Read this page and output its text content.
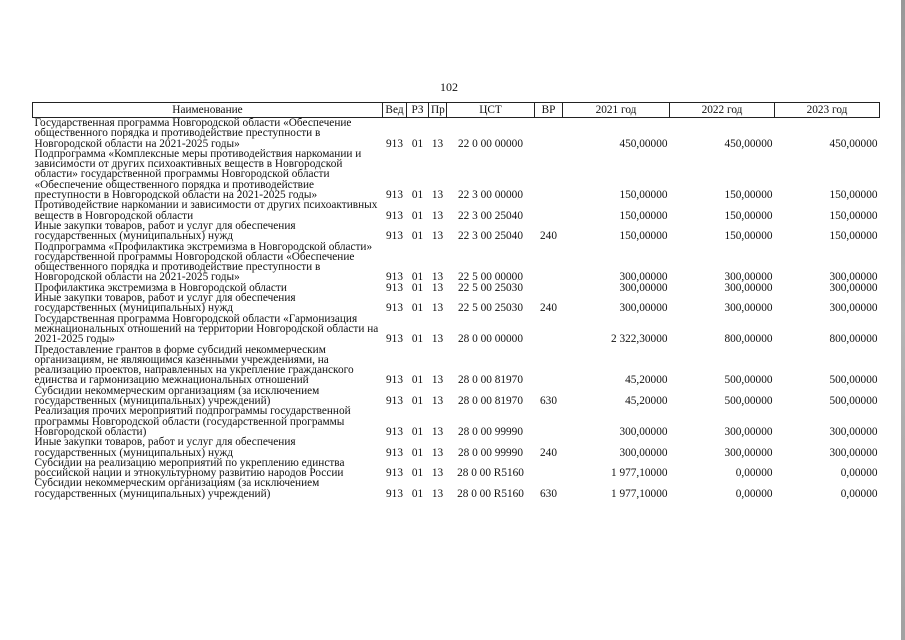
102
Наименование	Вед	РЗ	Пр	ЦСТ	ВР	2021 год	2022 год	2023 год
Государственная программа Новгородской области «Обеспечение общественного порядка и противодействие преступности в Новгородской области на 2021-2025 годы»	913	01	13	22 0 00 00000		450,00000	450,00000	450,00000
Подпрограмма «Комплексные меры противодействия наркомании и зависимости от других психоактивных веществ в Новгородской области» государственной программы Новгородской области «Обеспечение общественного порядка и противодействие преступности в Новгородской области на 2021-2025 годы»	913	01	13	22 3 00 00000		150,00000	150,00000	150,00000
Противодействие наркомании и зависимости от других психоактивных веществ в Новгородской области	913	01	13	22 3 00 25040		150,00000	150,00000	150,00000
Иные закупки товаров, работ и услуг для обеспечения государственных (муниципальных) нужд	913	01	13	22 3 00 25040	240	150,00000	150,00000	150,00000
Подпрограмма «Профилактика экстремизма в Новгородской области» государственной программы Новгородской области «Обеспечение общественного порядка и противодействие преступности в Новгородской области на 2021-2025 годы»	913	01	13	22 5 00 00000		300,00000	300,00000	300,00000
Профилактика экстремизма в Новгородской области	913	01	13	22 5 00 25030		300,00000	300,00000	300,00000
Иные закупки товаров, работ и услуг для обеспечения государственных (муниципальных) нужд	913	01	13	22 5 00 25030	240	300,00000	300,00000	300,00000
Государственная программа Новгородской области «Гармонизация межнациональных отношений на территории Новгородской области на 2021-2025 годы»	913	01	13	28 0 00 00000		2 322,30000	800,00000	800,00000
Предоставление грантов в форме субсидий некоммерческим организациям, не являющимся казенными учреждениями, на реализацию проектов, направленных на укрепление гражданского единства и гармонизацию межнациональных отношений	913	01	13	28 0 00 81970		45,20000	500,00000	500,00000
Субсидии некоммерческим организациям (за исключением государственных (муниципальных) учреждений)	913	01	13	28 0 00 81970	630	45,20000	500,00000	500,00000
Реализация прочих мероприятий подпрограммы государственной программы Новгородской области (государственной программы Новгородской области)	913	01	13	28 0 00 99990		300,00000	300,00000	300,00000
Иные закупки товаров, работ и услуг для обеспечения государственных (муниципальных) нужд	913	01	13	28 0 00 99990	240	300,00000	300,00000	300,00000
Субсидии на реализацию мероприятий по укреплению единства российской нации и этнокультурному развитию народов России	913	01	13	28 0 00 R5160		1 977,10000	0,00000	0,00000
Субсидии некоммерческим организациям (за исключением государственных (муниципальных) учреждений)	913	01	13	28 0 00 R5160	630	1 977,10000	0,00000	0,00000
